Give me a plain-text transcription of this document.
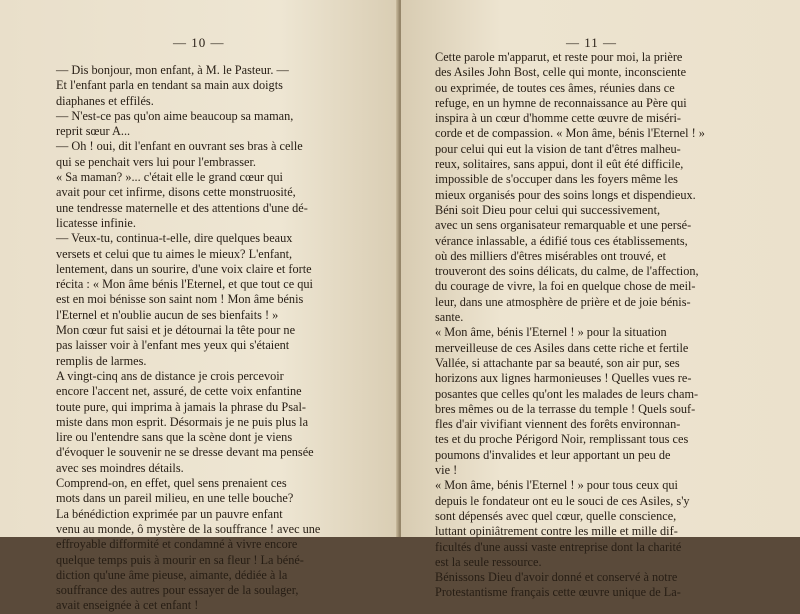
— 10 —
— Dis bonjour, mon enfant, à M. le Pasteur. —
Et l'enfant parla en tendant sa main aux doigts
diaphanes et effilés.
— N'est-ce pas qu'on aime beaucoup sa maman,
reprit sœur A...
— Oh ! oui, dit l'enfant en ouvrant ses bras à celle
qui se penchait vers lui pour l'embrasser.
« Sa maman? »... c'était elle le grand cœur qui
avait pour cet infirme, disons cette monstruosité,
une tendresse maternelle et des attentions d'une dé-
licatesse infinie.
— Veux-tu, continua-t-elle, dire quelques beaux
versets et celui que tu aimes le mieux? L'enfant,
lentement, dans un sourire, d'une voix claire et forte
récita : « Mon âme bénis l'Eternel, et que tout ce qui
est en moi bénisse son saint nom ! Mon âme bénis
l'Eternel et n'oublie aucun de ses bienfaits ! »
Mon cœur fut saisi et je détournai la tête pour ne
pas laisser voir à l'enfant mes yeux qui s'étaient
remplis de larmes.
A vingt-cinq ans de distance je crois percevoir
encore l'accent net, assuré, de cette voix enfantine
toute pure, qui imprima à jamais la phrase du Psal-
miste dans mon esprit. Désormais je ne puis plus la
lire ou l'entendre sans que la scène dont je viens
d'évoquer le souvenir ne se dresse devant ma pensée
avec ses moindres détails.
Comprend-on, en effet, quel sens prenaient ces
mots dans un pareil milieu, en une telle bouche?
La bénédiction exprimée par un pauvre enfant
venu au monde, ô mystère de la souffrance ! avec une
effroyable difformité et condamné à vivre encore
quelque temps puis à mourir en sa fleur ! La béné-
diction qu'une âme pieuse, aimante, dédiée à la
souffrance des autres pour essayer de la soulager,
avait enseignée à cet enfant !
— 11 —
Cette parole m'apparut, et reste pour moi, la prière
des Asiles John Bost, celle qui monte, inconsciente
ou exprimée, de toutes ces âmes, réunies dans ce
refuge, en un hymne de reconnaissance au Père qui
inspira à un cœur d'homme cette œuvre de miséri-
corde et de compassion. « Mon âme, bénis l'Eternel ! »
pour celui qui eut la vision de tant d'êtres malheu-
reux, solitaires, sans appui, dont il eût été difficile,
impossible de s'occuper dans les foyers même les
mieux organisés pour des soins longs et dispendieux.
Béni soit Dieu pour celui qui successivement,
avec un sens organisateur remarquable et une persé-
vérance inlassable, a édifié tous ces établissements,
où des milliers d'êtres misérables ont trouvé, et
trouveront des soins délicats, du calme, de l'affection,
du courage de vivre, la foi en quelque chose de meil-
leur, dans une atmosphère de prière et de joie bénis-
sante.
« Mon âme, bénis l'Eternel ! » pour la situation
merveilleuse de ces Asiles dans cette riche et fertile
Vallée, si attachante par sa beauté, son air pur, ses
horizons aux lignes harmonieuses ! Quelles vues re-
posantes que celles qu'ont les malades de leurs cham-
bres mêmes ou de la terrasse du temple ! Quels souf-
fles d'air vivifiant viennent des forêts environnan-
tes et du proche Périgord Noir, remplissant tous ces
poumons d'invalides et leur apportant un peu de
vie !
« Mon âme, bénis l'Eternel ! » pour tous ceux qui
depuis le fondateur ont eu le souci de ces Asiles, s'y
sont dépensés avec quel cœur, quelle conscience,
luttant opiniâtrement contre les mille et mille dif-
ficultés d'une aussi vaste entreprise dont la charité
est la seule ressource.
Bénissons Dieu d'avoir donné et conservé à notre
Protestantisme français cette œuvre unique de La-
